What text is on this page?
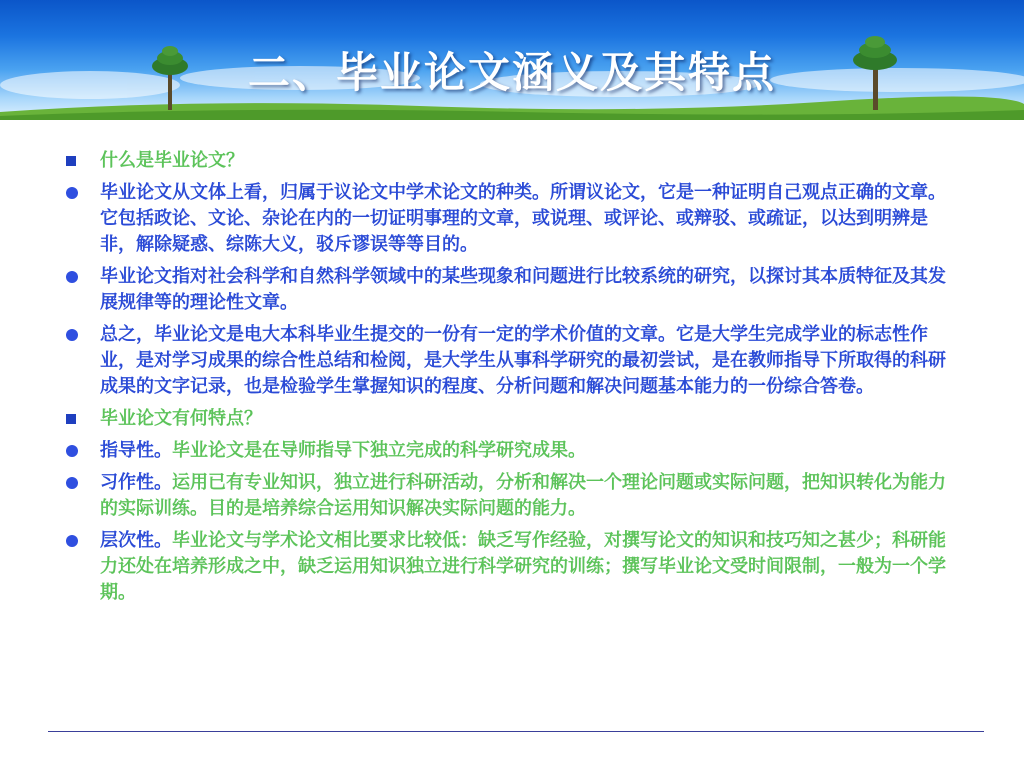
二、毕业论文涵义及其特点
什么是毕业论文？
毕业论文从文体上看，归属于议论文中学术论文的种类。所谓议论文，它是一种证明自己观点正确的文章。它包括政论、文论、杂论在内的一切证明事理的文章，或说理、或评论、或辩驳、或疏证，以达到明辨是非，解除疑惑、综陈大义，驳斥谬误等等目的。
毕业论文指对社会科学和自然科学领域中的某些现象和问题进行比较系统的研究，以探讨其本质特征及其发展规律等的理论性文章。
总之，毕业论文是电大本科毕业生提交的一份有一定的学术价值的文章。它是大学生完成学业的标志性作业，是对学习成果的综合性总结和检阅，是大学生从事科学研究的最初尝试，是在教师指导下所取得的科研成果的文字记录，也是检验学生掌握知识的程度、分析问题和解决问题基本能力的一份综合答卷。
毕业论文有何特点？
指导性。毕业论文是在导师指导下独立完成的科学研究成果。
习作性。运用已有专业知识，独立进行科研活动，分析和解决一个理论问题或实际问题，把知识转化为能力的实际训练。目的是培养综合运用知识解决实际问题的能力。
层次性。毕业论文与学术论文相比要求比较低：缺乏写作经验，对撰写论文的知识和技巧知之甚少；科研能力还处在培养形成之中，缺乏运用知识独立进行科学研究的训练；撰写毕业论文受时间限制，一般为一个学期。
